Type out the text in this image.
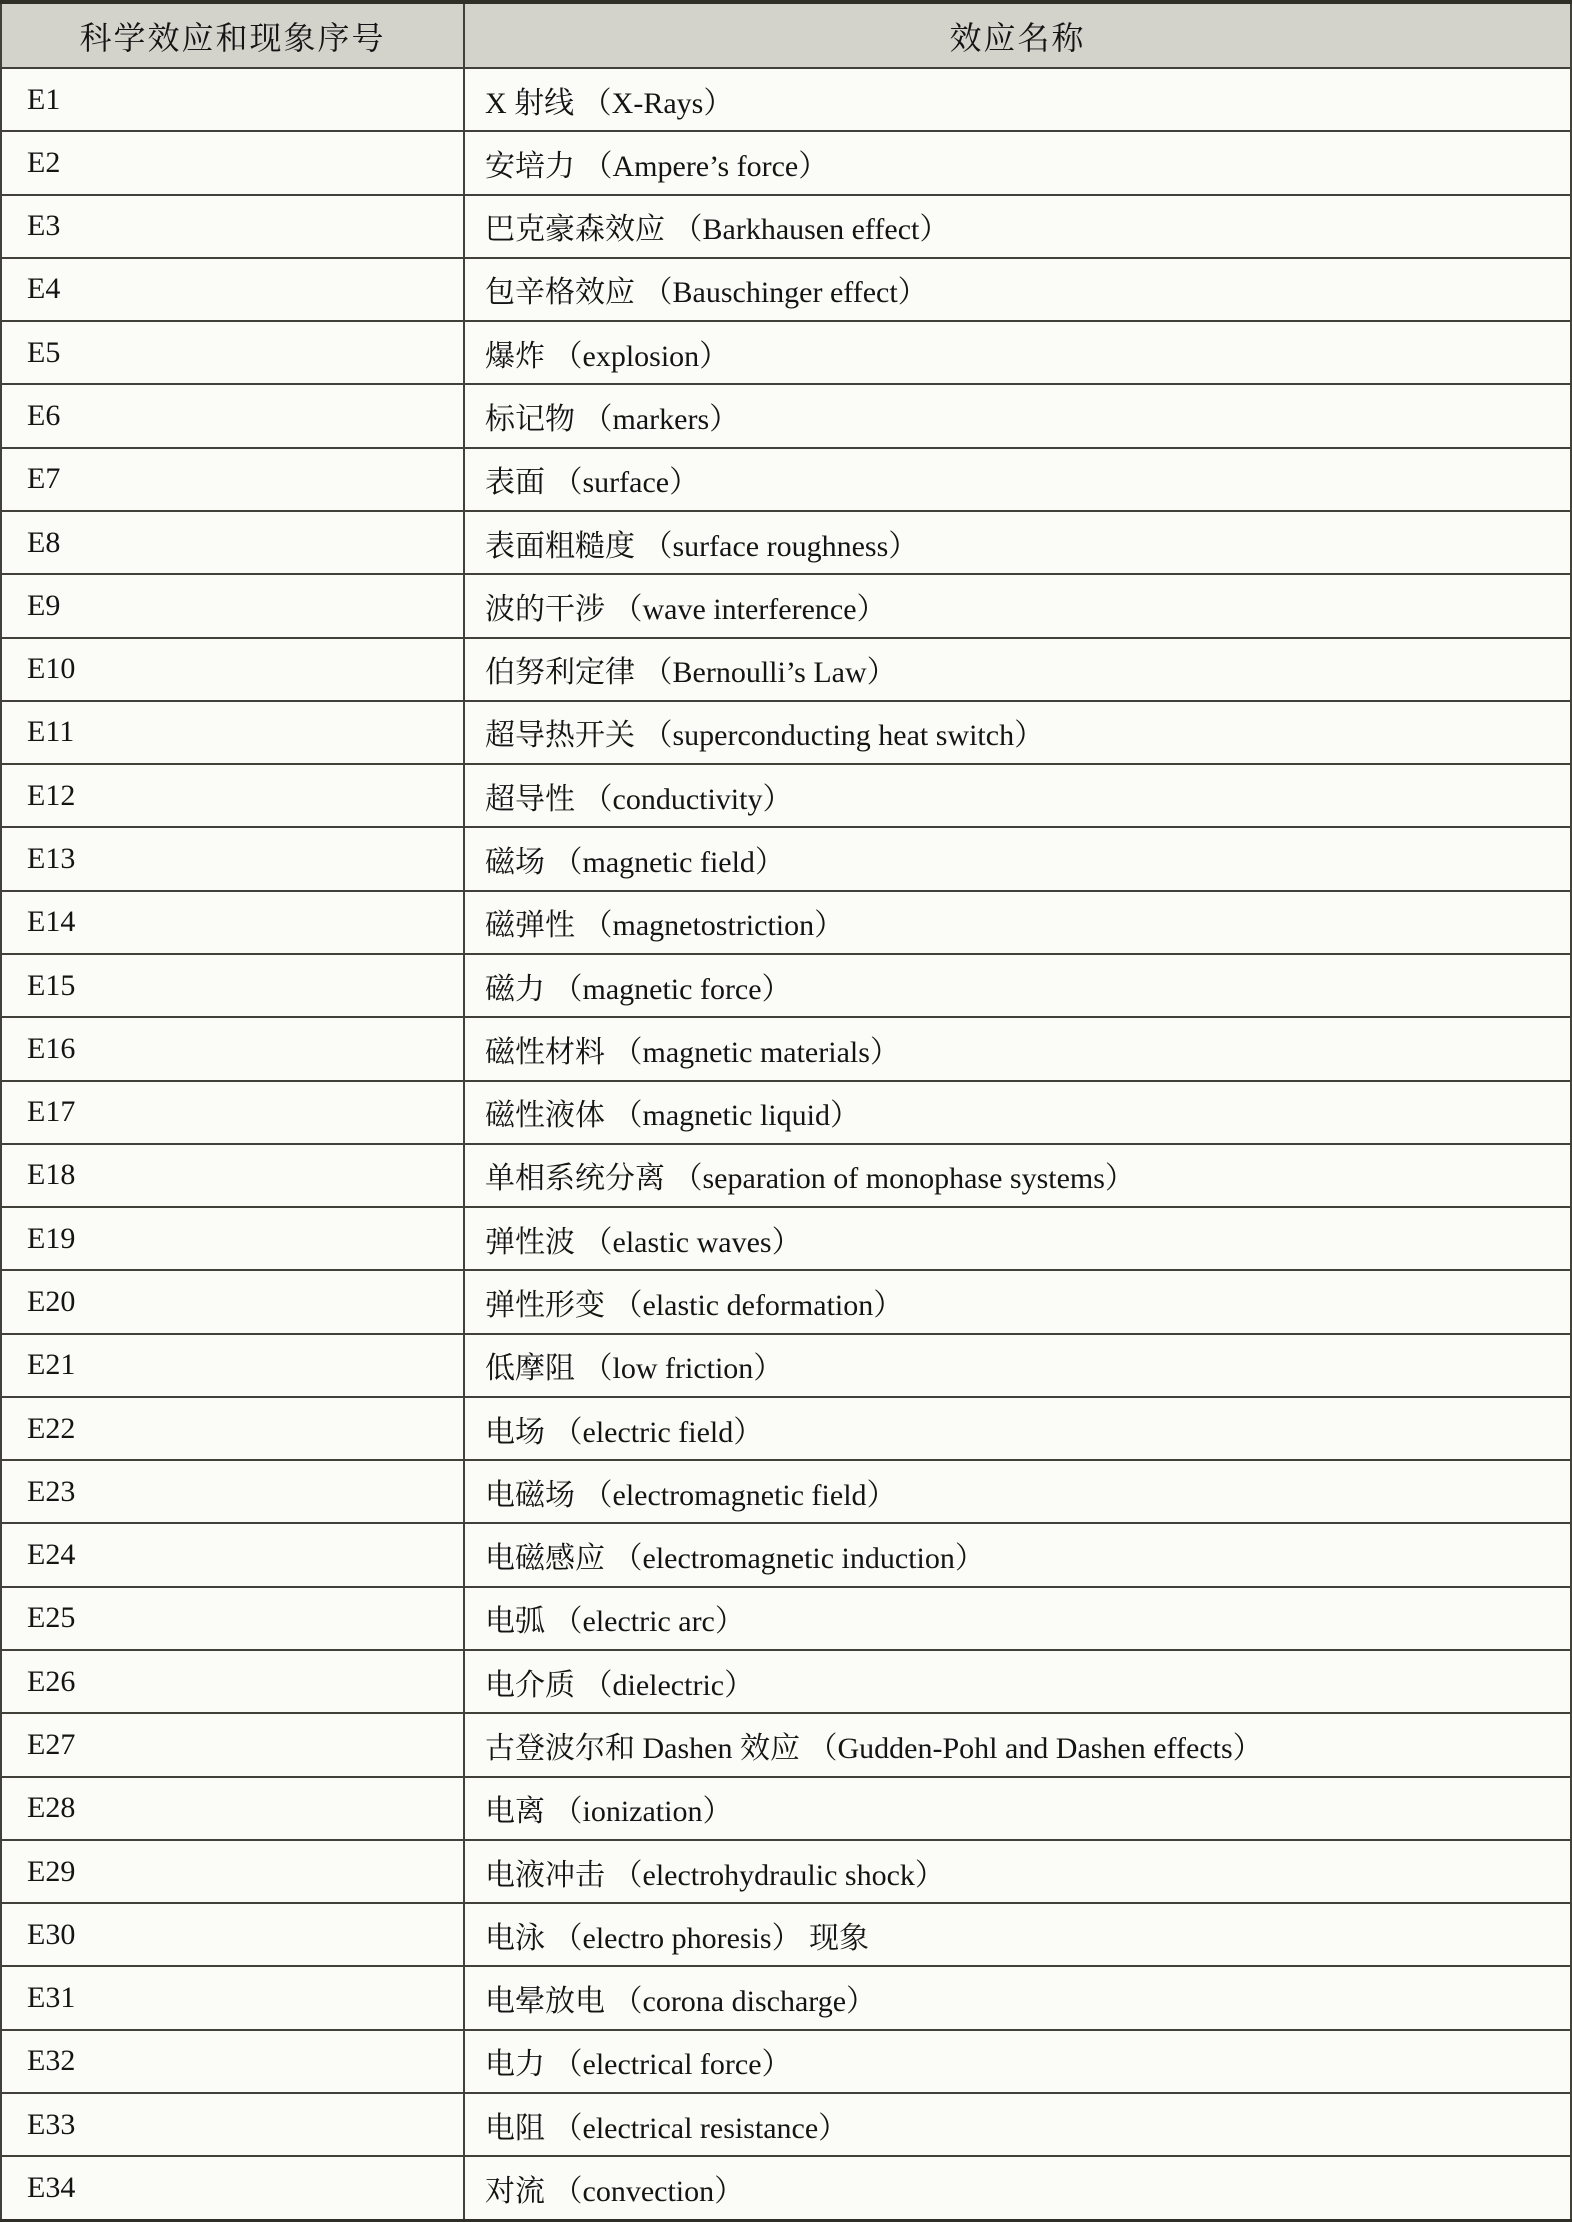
科学效应和现象序号	效应名称
E1	X 射线 （X-Rays）
E2	安培力 （Ampere’s force）
E3	巴克豪森效应 （Barkhausen effect）
E4	包辛格效应 （Bauschinger effect）
E5	爆炸 （explosion）
E6	标记物 （markers）
E7	表面 （surface）
E8	表面粗糙度 （surface roughness）
E9	波的干涉 （wave interference）
E10	伯努利定律 （Bernoulli’s Law）
E11	超导热开关 （superconducting heat switch）
E12	超导性 （conductivity）
E13	磁场 （magnetic field）
E14	磁弹性 （magnetostriction）
E15	磁力 （magnetic force）
E16	磁性材料 （magnetic materials）
E17	磁性液体 （magnetic liquid）
E18	单相系统分离 （separation of monophase systems）
E19	弹性波 （elastic waves）
E20	弹性形变 （elastic deformation）
E21	低摩阻 （low friction）
E22	电场 （electric field）
E23	电磁场 （electromagnetic field）
E24	电磁感应 （electromagnetic induction）
E25	电弧 （electric arc）
E26	电介质 （dielectric）
E27	古登波尔和 Dashen 效应 （Gudden-Pohl and Dashen effects）
E28	电离 （ionization）
E29	电液冲击 （electrohydraulic shock）
E30	电泳 （electro phoresis） 现象
E31	电晕放电 （corona discharge）
E32	电力 （electrical force）
E33	电阻 （electrical resistance）
E34	对流 （convection）
